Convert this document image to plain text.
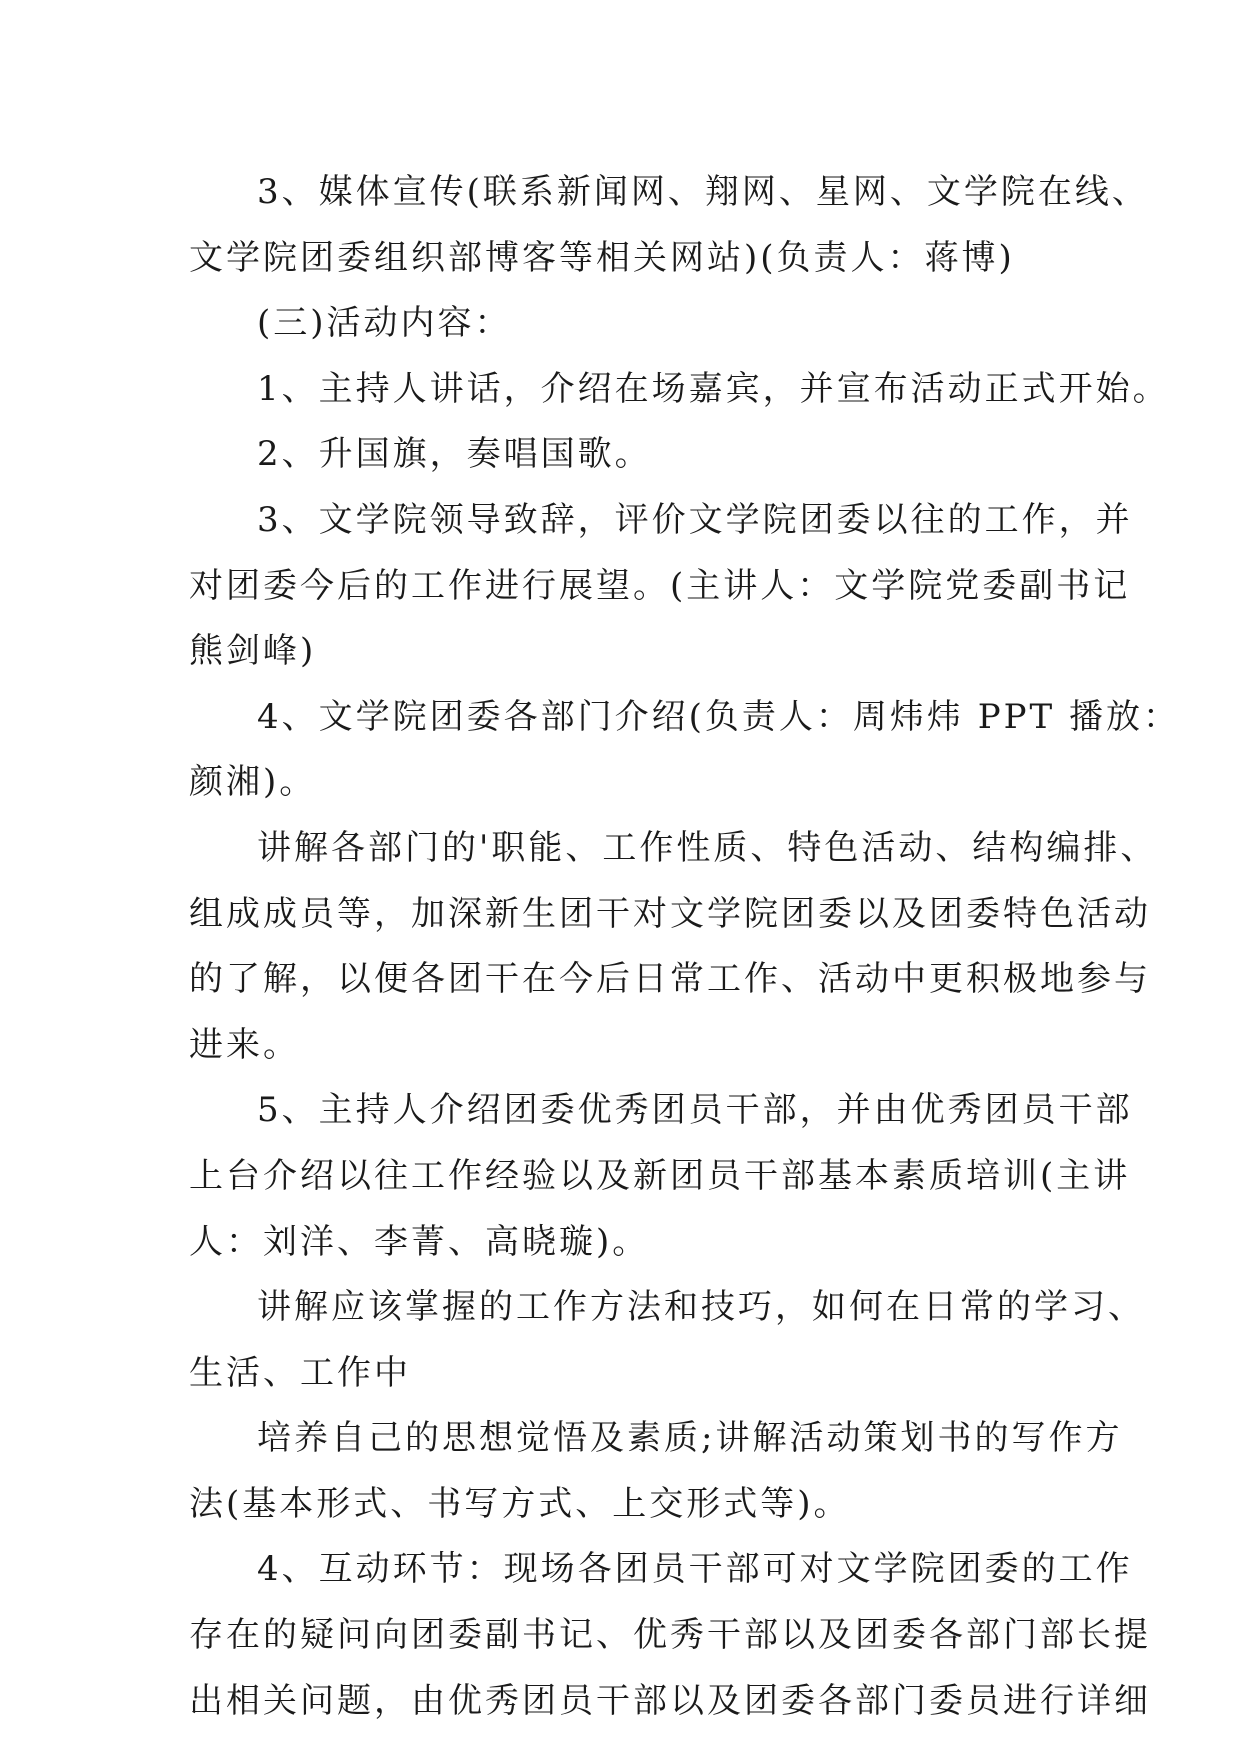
3、媒体宣传(联系新闻网、翔网、星网、文学院在线、
文学院团委组织部博客等相关网站)(负责人：蒋博)
(三)活动内容：
1、主持人讲话，介绍在场嘉宾，并宣布活动正式开始。
2、升国旗，奏唱国歌。
3、文学院领导致辞，评价文学院团委以往的工作，并
对团委今后的工作进行展望。(主讲人：文学院党委副书记
熊剑峰)
4、文学院团委各部门介绍(负责人：周炜炜 PPT 播放：
颜湘)。
讲解各部门的'职能、工作性质、特色活动、结构编排、
组成成员等，加深新生团干对文学院团委以及团委特色活动
的了解，以便各团干在今后日常工作、活动中更积极地参与
进来。
5、主持人介绍团委优秀团员干部，并由优秀团员干部
上台介绍以往工作经验以及新团员干部基本素质培训(主讲
人：刘洋、李菁、高晓璇)。
讲解应该掌握的工作方法和技巧，如何在日常的学习、
生活、工作中
培养自己的思想觉悟及素质;讲解活动策划书的写作方
法(基本形式、书写方式、上交形式等)。
4、互动环节：现场各团员干部可对文学院团委的工作
存在的疑问向团委副书记、优秀干部以及团委各部门部长提
出相关问题，由优秀团员干部以及团委各部门委员进行详细
